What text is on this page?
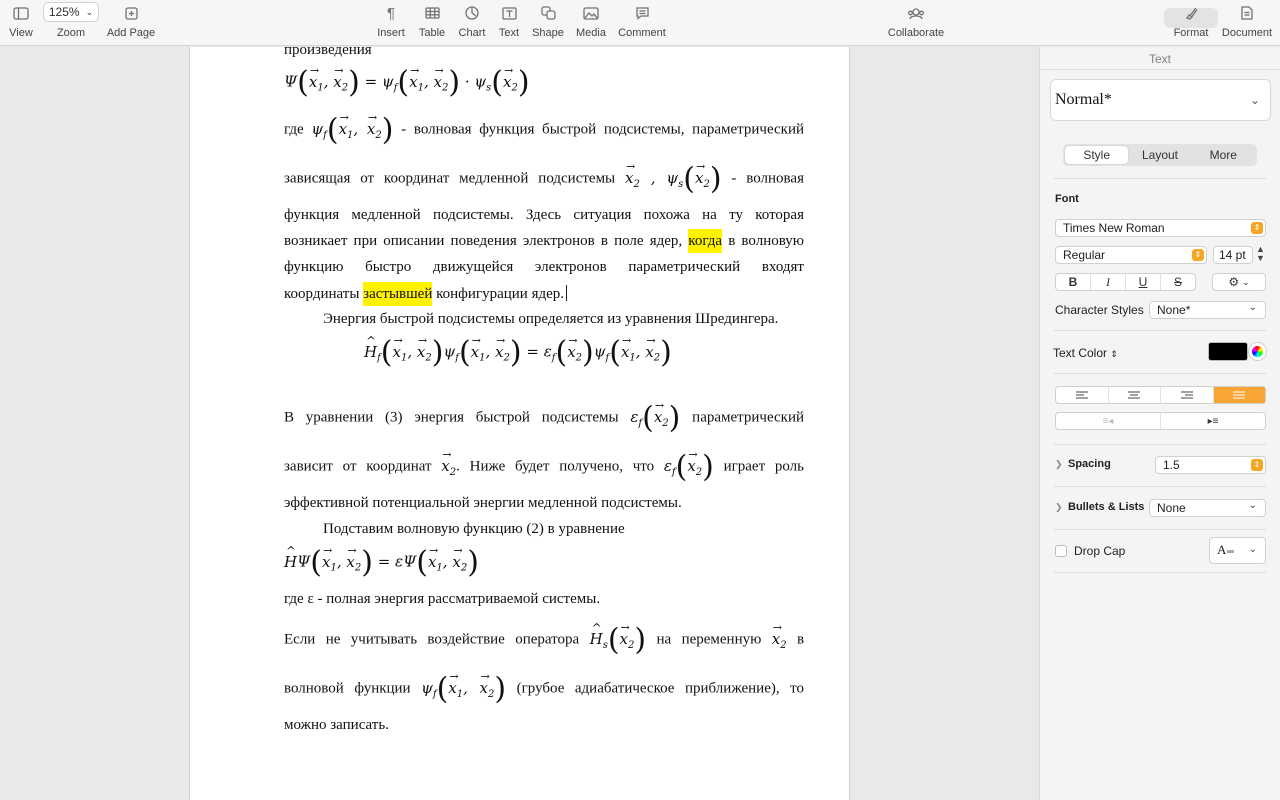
View
125% ⌄
Zoom Add Page
¶
Insert Table Chart Text Shape Media Comment	Collaborate	Format Document
произведения
$\Psi(\to x_1$, → $x_2) = \psi_f(\to x_1$, → $x_2) \cdot \psi_s(\to x_2)$
где $\psi_f(\to x_1$, → $x_2$) - волновая функция быстрой подсистемы, параметрический
зависящая от координат медленной подсистемы → $x_2$ , $\psi_s(\to x_2)$ - волновая
функция медленной подсистемы. Здесь ситуация похожа на ту которая
возникает при описании поведения электронов в поле ядер, когда в волновую
функцию быстро движущейся электронов параметрический входят
координаты застывшей конфигурации ядер.
Энергия быстрой подсистемы определяется из уравнения Шредингера.
^ $H_f(\to x_1$, → $x_2)\psi_f(\to x_1$, → $x_2) = \varepsilon_f(\to x_2)\psi_f(\to x_1$, → $x_2$)
В уравнении (3) энергия быстрой подсистемы $\varepsilon_f(\to x_2)$ параметрический
зависит от координат → $x_2$. Ниже будет получено, что $\varepsilon_f(\to x_2)$ играет роль
эффективной потенциальной энергии медленной подсистемы.
Подставим волновую функцию (2) в уравнение
^ $H\Psi(\to x_1$, → $x_2) = \varepsilon\Psi(\to x_1$, → $x_2$)
где ε - полная энергия рассматриваемой системы.
Если не учитывать воздействие оператора ^ $H_s(\to x_2)$ на переменную → $x_2$ в
волновой функции $\psi_f(\to x_1$, → $x_2$) (грубое адиабатическое приближение), то
можно записать.
Text
Normal*	⌄
Style	Layout	More
Font
Times New Roman	⇕
Regular	⇕ 14 pt ▲
▼
B	I	U	S	⚙ ⌄
Character Styles None*	⌄
Text Color ⇕
≡◂	▸≡
❯ Spacing	1.5	⇕
❯ Bullets & Lists None	⌄
Drop Cap	A≡≡ ⌄
